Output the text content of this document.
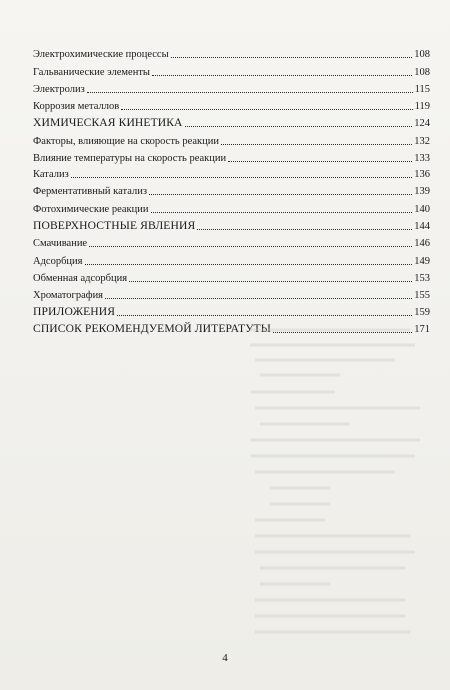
Электрохимические процессы	108
Гальванические элементы	108
Электролиз	115
Коррозия металлов	119
ХИМИЧЕСКАЯ КИНЕТИКА	124
Факторы, влияющие на скорость реакции	132
Влияние температуры на скорость реакции	133
Катализ	136
Ферментативный катализ	139
Фотохимические реакции	140
ПОВЕРХНОСТНЫЕ ЯВЛЕНИЯ	144
Смачивание	146
Адсорбция	149
Обменная адсорбция	153
Хроматография	155
ПРИЛОЖЕНИЯ	159
СПИСОК РЕКОМЕНДУЕМОЙ ЛИТЕРАТУТЫ	171
4
